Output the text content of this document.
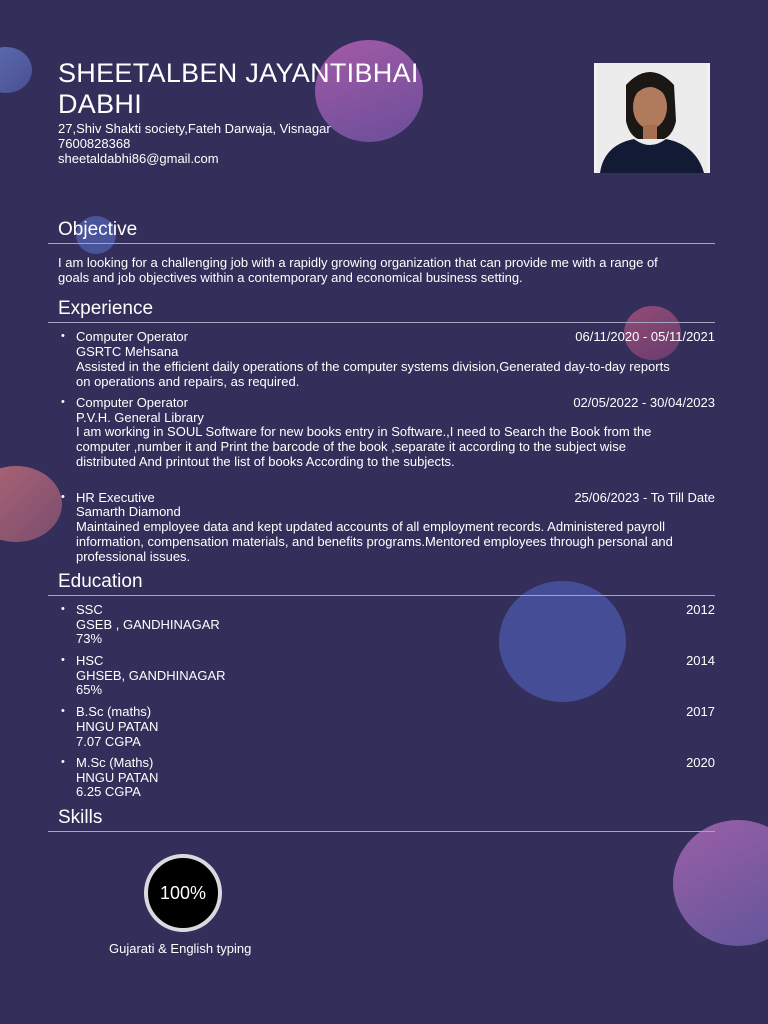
SHEETALBEN JAYANTIBHAI
DABHI
27,Shiv Shakti society,Fateh Darwaja, Visnagar
7600828368
sheetaldabhi86@gmail.com
Objective
I am looking for a challenging job with a rapidly growing organization that can provide me with a range of
goals and job objectives within a contemporary and economical business setting.
Experience
• Computer Operator	06/11/2020 - 05/11/2021
GSRTC Mehsana
Assisted in the efficient daily operations of the computer systems division,Generated day-to-day reports
on operations and repairs, as required.
• Computer Operator	02/05/2022 - 30/04/2023
P.V.H. General Library
I am working in SOUL Software for new books entry in Software.,I need to Search the Book from the
computer ,number it and Print the barcode of the book ,separate it according to the subject wise
distributed And printout the list of books According to the subjects.
• HR Executive	25/06/2023 - To Till Date
Samarth Diamond
Maintained employee data and kept updated accounts of all employment records. Administered payroll
information, compensation materials, and benefits programs.Mentored employees through personal and
professional issues.
Education
• SSC	2012
GSEB , GANDHINAGAR
73%
• HSC	2014
GHSEB, GANDHINAGAR
65%
• B.Sc (maths)	2017
HNGU PATAN
7.07 CGPA
• M.Sc (Maths)	2020
HNGU PATAN
6.25 CGPA
Skills
100%
Gujarati & English typing
